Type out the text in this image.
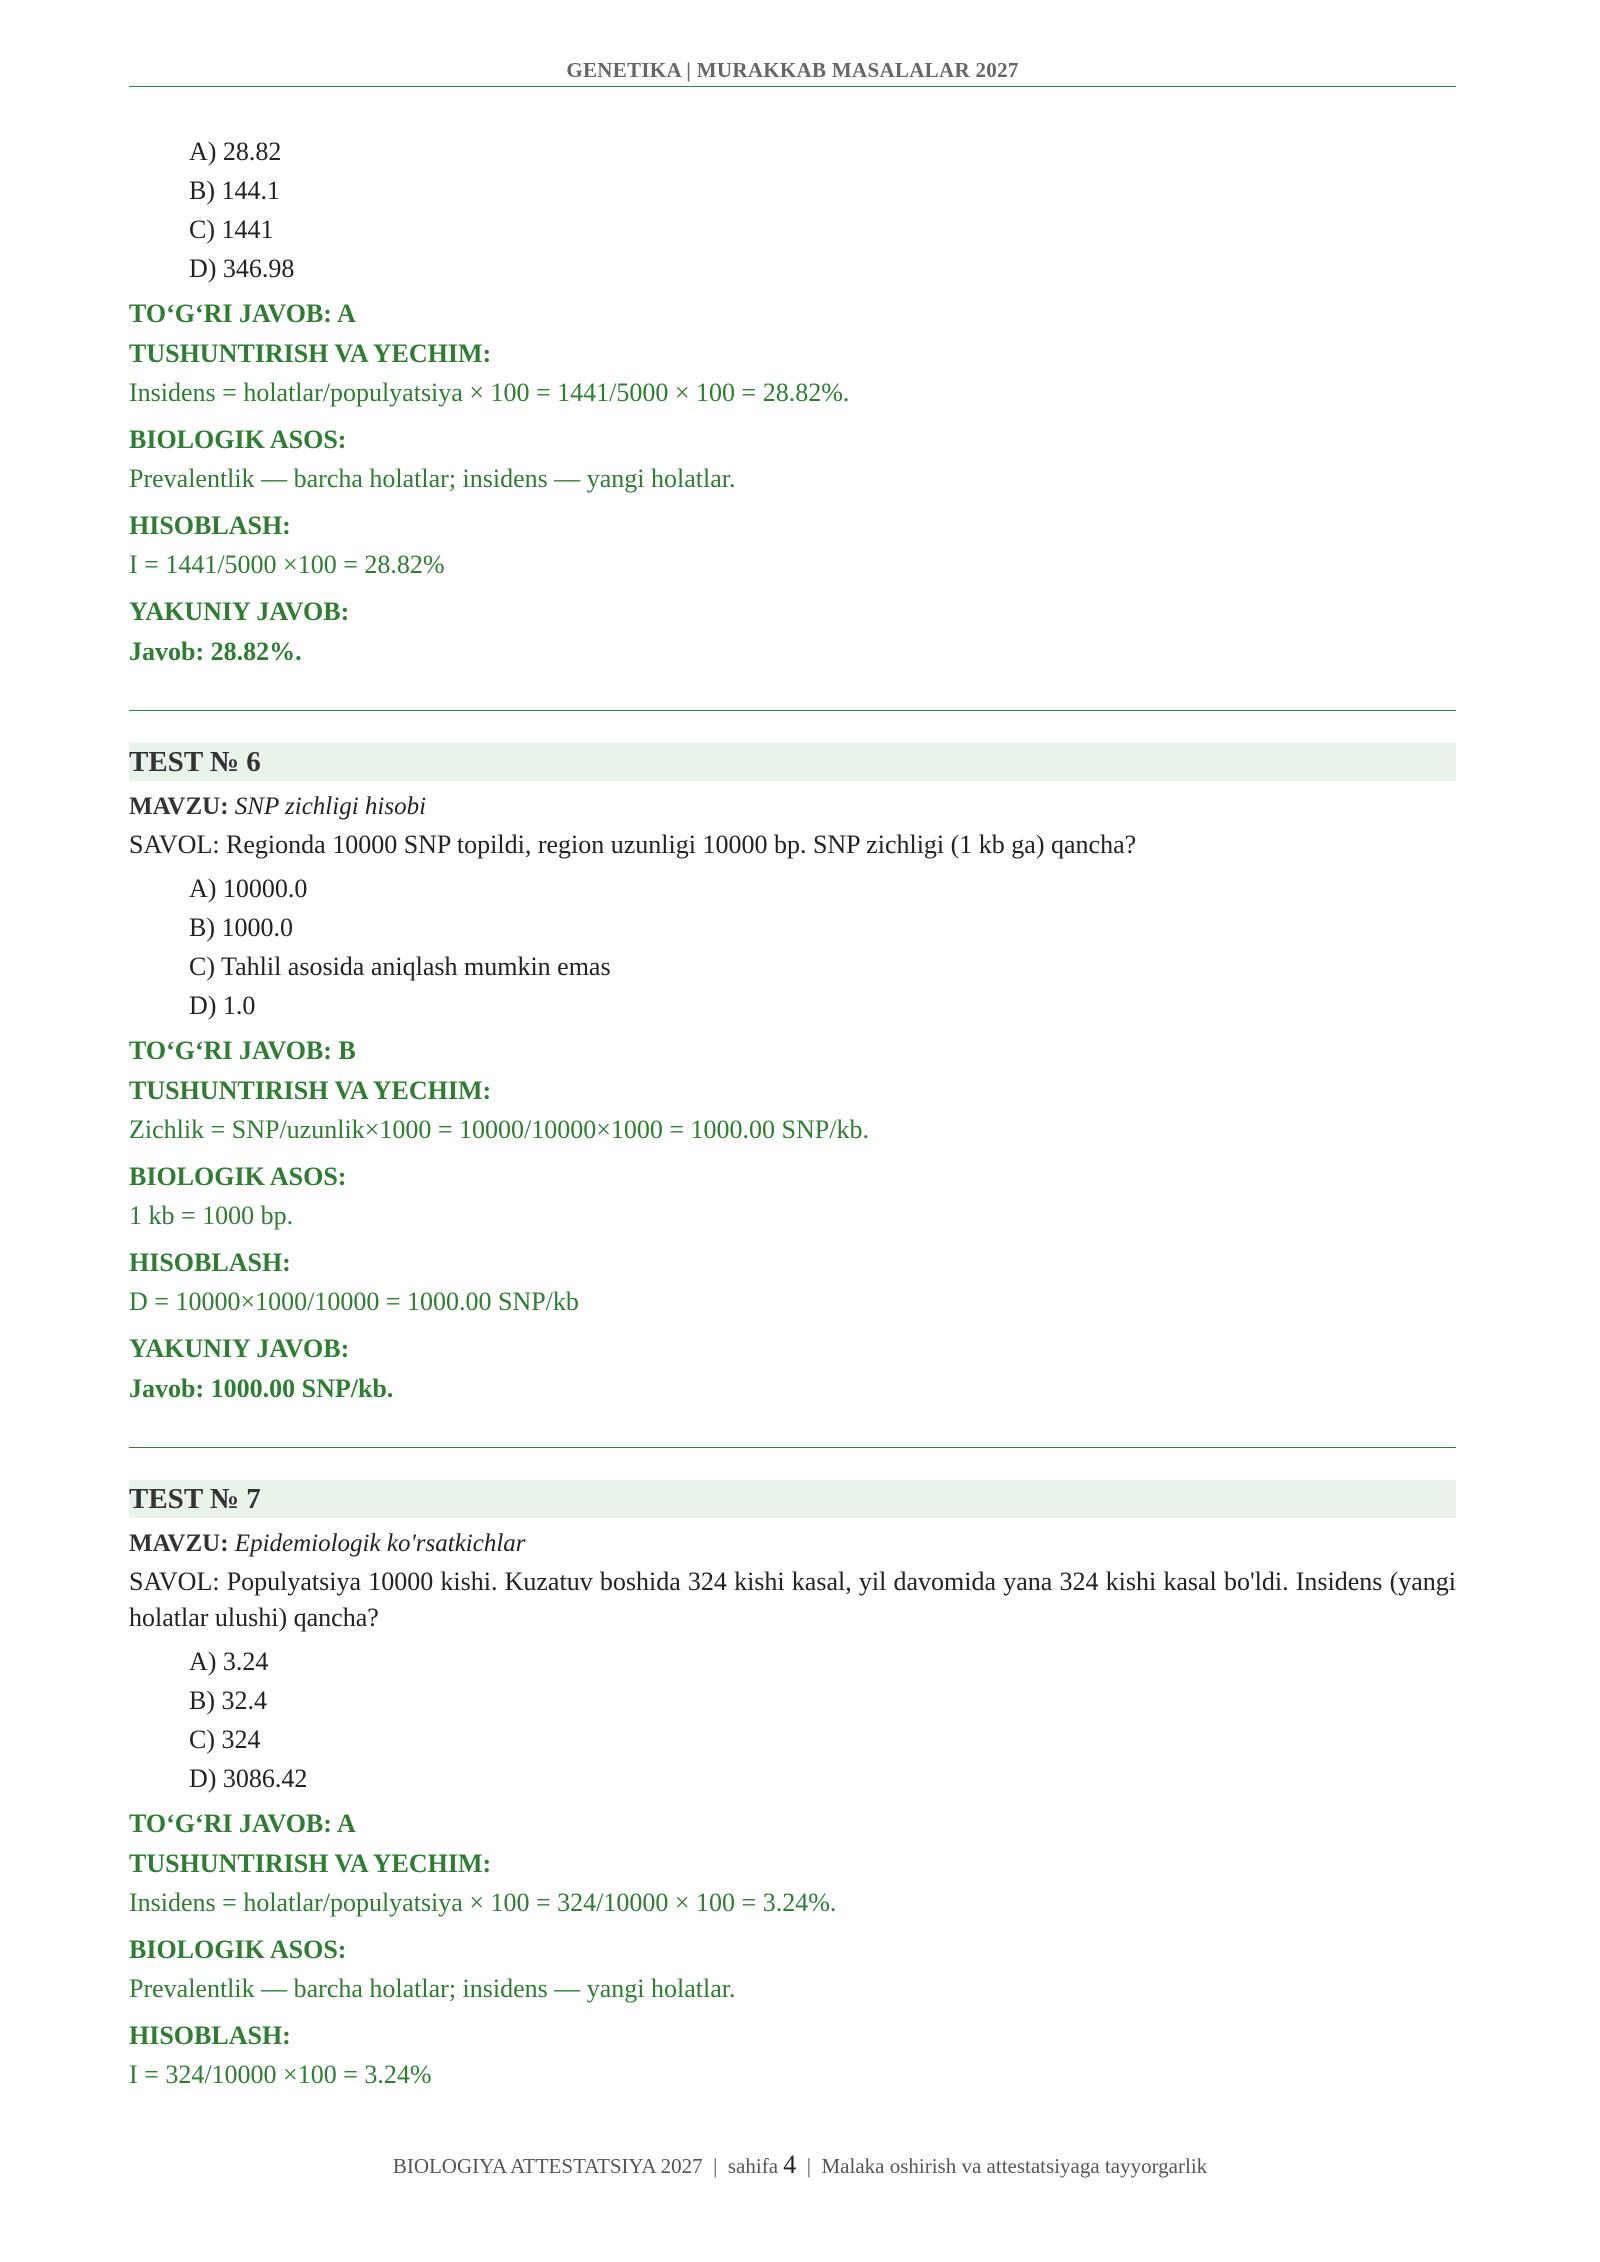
GENETIKA | MURAKKAB MASALALAR 2027
A) 28.82
B) 144.1
C) 1441
D) 346.98
TO‘G‘RI JAVOB: A
TUSHUNTIRISH VA YECHIM:
Insidens = holatlar/populyatsiya × 100 = 1441/5000 × 100 = 28.82%.
BIOLOGIK ASOS:
Prevalentlik — barcha holatlar; insidens — yangi holatlar.
HISOBLASH:
I = 1441/5000 ×100 = 28.82%
YAKUNIY JAVOB:
Javob: 28.82%.
TEST № 6
MAVZU: SNP zichligi hisobi
SAVOL: Regionda 10000 SNP topildi, region uzunligi 10000 bp. SNP zichligi (1 kb ga) qancha?
A) 10000.0
B) 1000.0
C) Tahlil asosida aniqlash mumkin emas
D) 1.0
TO‘G‘RI JAVOB: B
TUSHUNTIRISH VA YECHIM:
Zichlik = SNP/uzunlik×1000 = 10000/10000×1000 = 1000.00 SNP/kb.
BIOLOGIK ASOS:
1 kb = 1000 bp.
HISOBLASH:
D = 10000×1000/10000 = 1000.00 SNP/kb
YAKUNIY JAVOB:
Javob: 1000.00 SNP/kb.
TEST № 7
MAVZU: Epidemiologik ko'rsatkichlar
SAVOL: Populyatsiya 10000 kishi. Kuzatuv boshida 324 kishi kasal, yil davomida yana 324 kishi kasal bo'ldi. Insidens (yangi holatlar ulushi) qancha?
A) 3.24
B) 32.4
C) 324
D) 3086.42
TO‘G‘RI JAVOB: A
TUSHUNTIRISH VA YECHIM:
Insidens = holatlar/populyatsiya × 100 = 324/10000 × 100 = 3.24%.
BIOLOGIK ASOS:
Prevalentlik — barcha holatlar; insidens — yangi holatlar.
HISOBLASH:
I = 324/10000 ×100 = 3.24%
BIOLOGIYA ATTESTATSIYA 2027 | sahifa 4 | Malaka oshirish va attestatsiyaga tayyorgarlik
